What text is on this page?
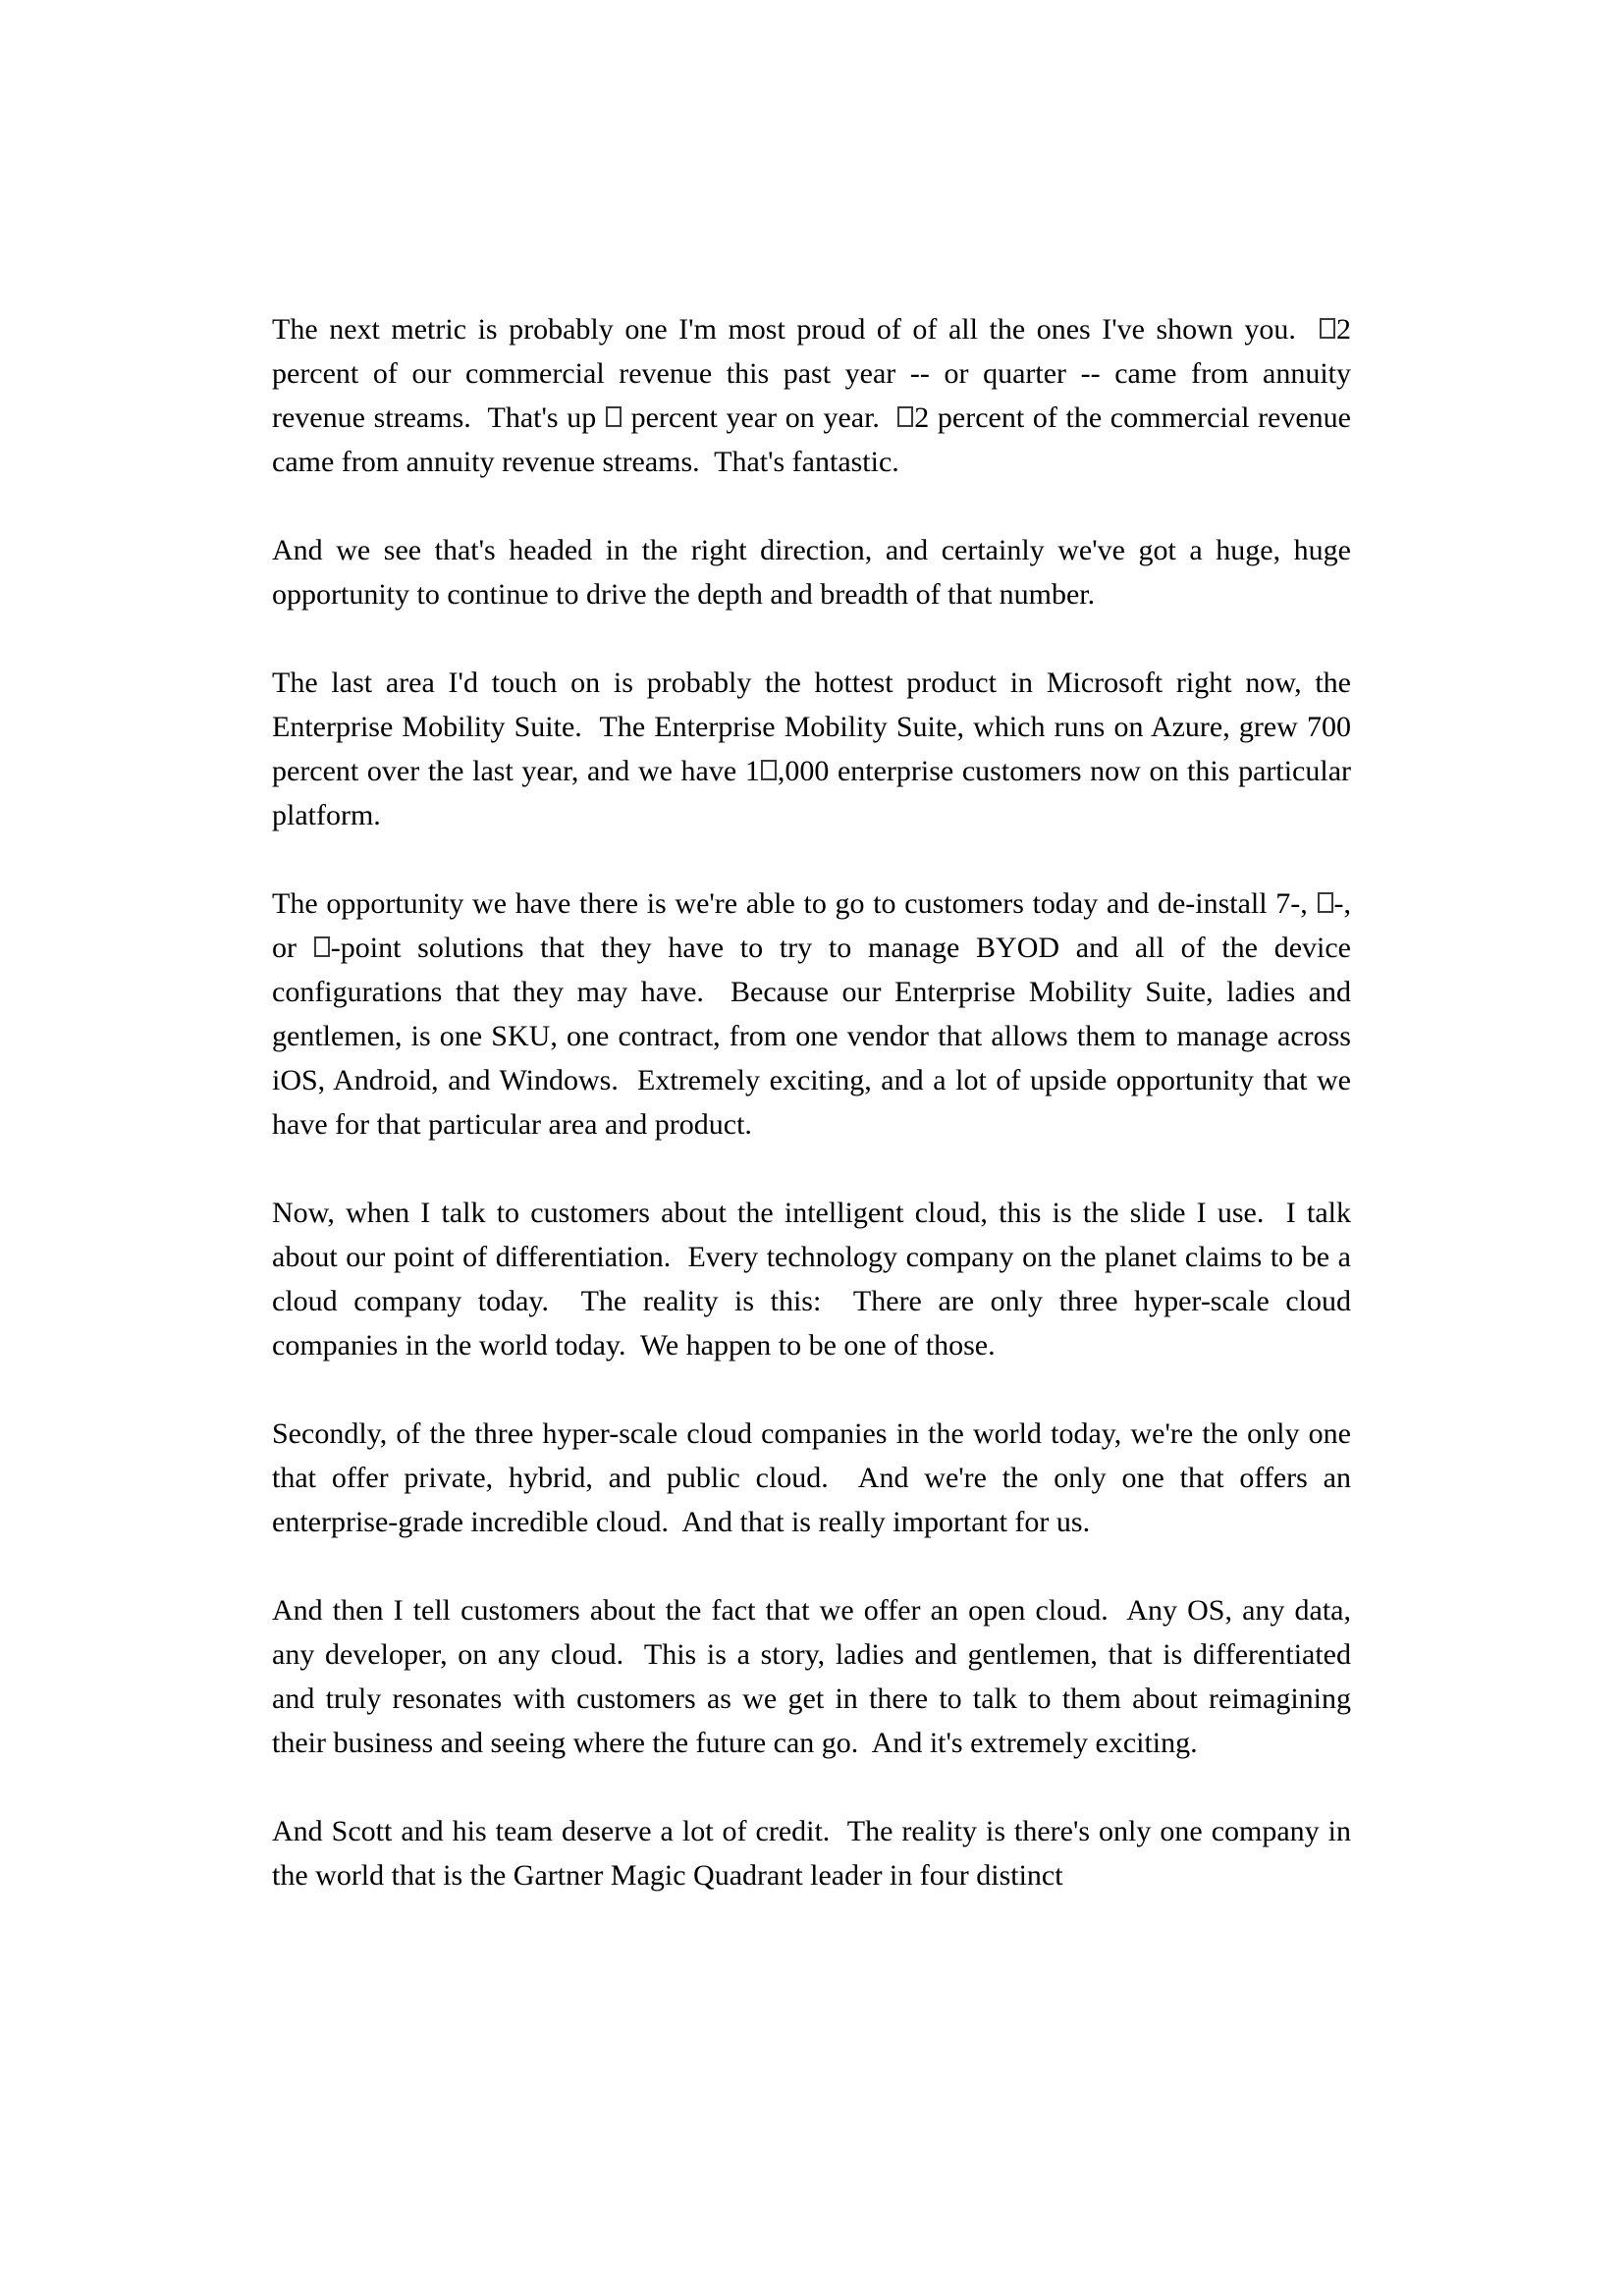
The next metric is probably one I'm most proud of of all the ones I've shown you.  2 percent of our commercial revenue this past year -- or quarter -- came from annuity revenue streams.  That's up  percent year on year.  2 percent of the commercial revenue came from annuity revenue streams.  That's fantastic.

And we see that's headed in the right direction, and certainly we've got a huge, huge opportunity to continue to drive the depth and breadth of that number.

The last area I'd touch on is probably the hottest product in Microsoft right now, the Enterprise Mobility Suite.  The Enterprise Mobility Suite, which runs on Azure, grew 700 percent over the last year, and we have 1 ,000 enterprise customers now on this particular platform.

The opportunity we have there is we're able to go to customers today and de-install 7-, -, or -point solutions that they have to try to manage BYOD and all of the device configurations that they may have.  Because our Enterprise Mobility Suite, ladies and gentlemen, is one SKU, one contract, from one vendor that allows them to manage across iOS, Android, and Windows.  Extremely exciting, and a lot of upside opportunity that we have for that particular area and product.

Now, when I talk to customers about the intelligent cloud, this is the slide I use.  I talk about our point of differentiation.  Every technology company on the planet claims to be a cloud company today.  The reality is this:  There are only three hyper-scale cloud companies in the world today.  We happen to be one of those.

Secondly, of the three hyper-scale cloud companies in the world today, we're the only one that offer private, hybrid, and public cloud.  And we're the only one that offers an enterprise-grade incredible cloud.  And that is really important for us.

And then I tell customers about the fact that we offer an open cloud.  Any OS, any data, any developer, on any cloud.  This is a story, ladies and gentlemen, that is differentiated and truly resonates with customers as we get in there to talk to them about reimagining their business and seeing where the future can go.  And it's extremely exciting.

And Scott and his team deserve a lot of credit.  The reality is there's only one company in the world that is the Gartner Magic Quadrant leader in four distinct
